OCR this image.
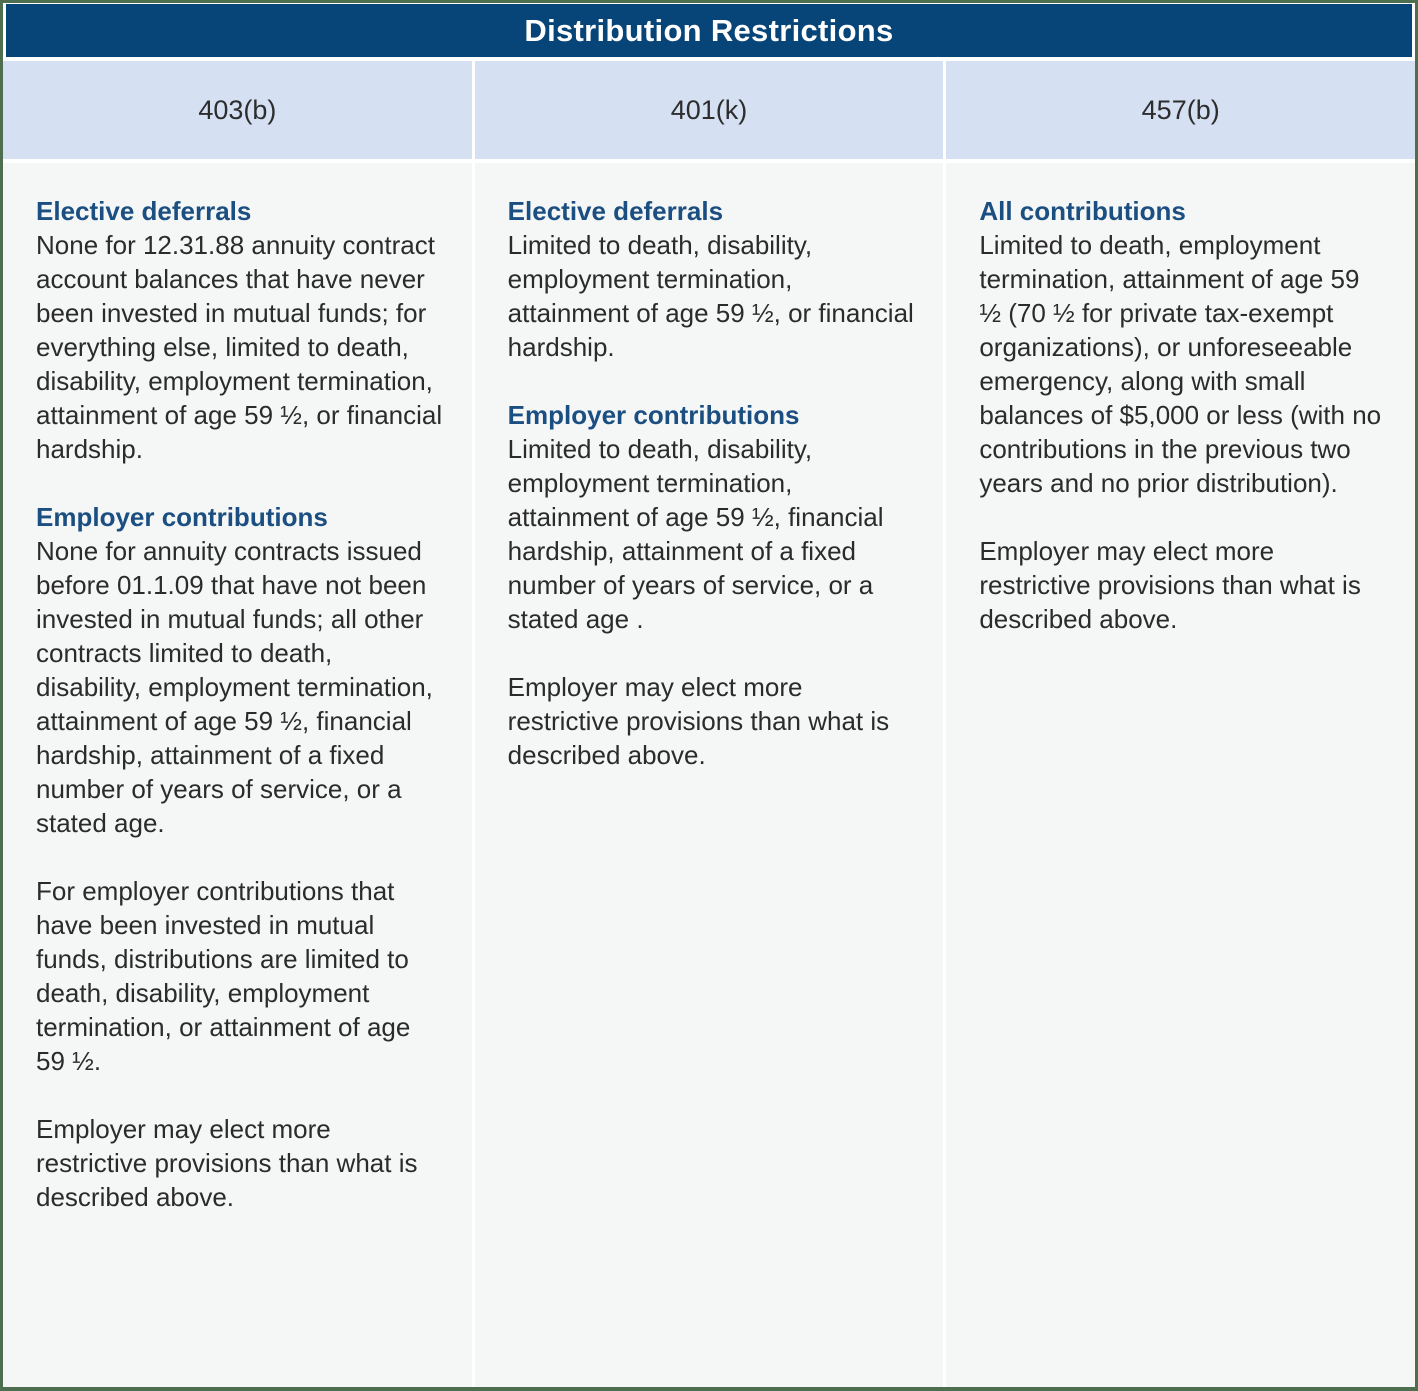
Distribution Restrictions
403(b)	401(k)	457(b)
Elective deferrals
None for 12.31.88 annuity contract account balances that have never been invested in mutual funds; for everything else, limited to death, disability, employment termination, attainment of age 59 ½, or financial hardship.
Employer contributions
None for annuity contracts issued before 01.1.09 that have not been invested in mutual funds; all other contracts limited to death, disability, employment termination, attainment of age 59 ½, financial hardship, attainment of a fixed number of years of service, or a stated age.
For employer contributions that have been invested in mutual funds, distributions are limited to death, disability, employment termination, or attainment of age 59 ½.
Employer may elect more restrictive provisions than what is described above.
Elective deferrals
Limited to death, disability, employment termination, attainment of age 59 ½, or financial hardship.
Employer contributions
Limited to death, disability, employment termination, attainment of age 59 ½, financial hardship, attainment of a fixed number of years of service, or a stated age .
Employer may elect more restrictive provisions than what is described above.
All contributions
Limited to death, employment termination, attainment of age 59 ½ (70 ½ for private tax-exempt organizations), or unforeseeable emergency, along with small balances of $5,000 or less (with no contributions in the previous two years and no prior distribution).
Employer may elect more restrictive provisions than what is described above.
